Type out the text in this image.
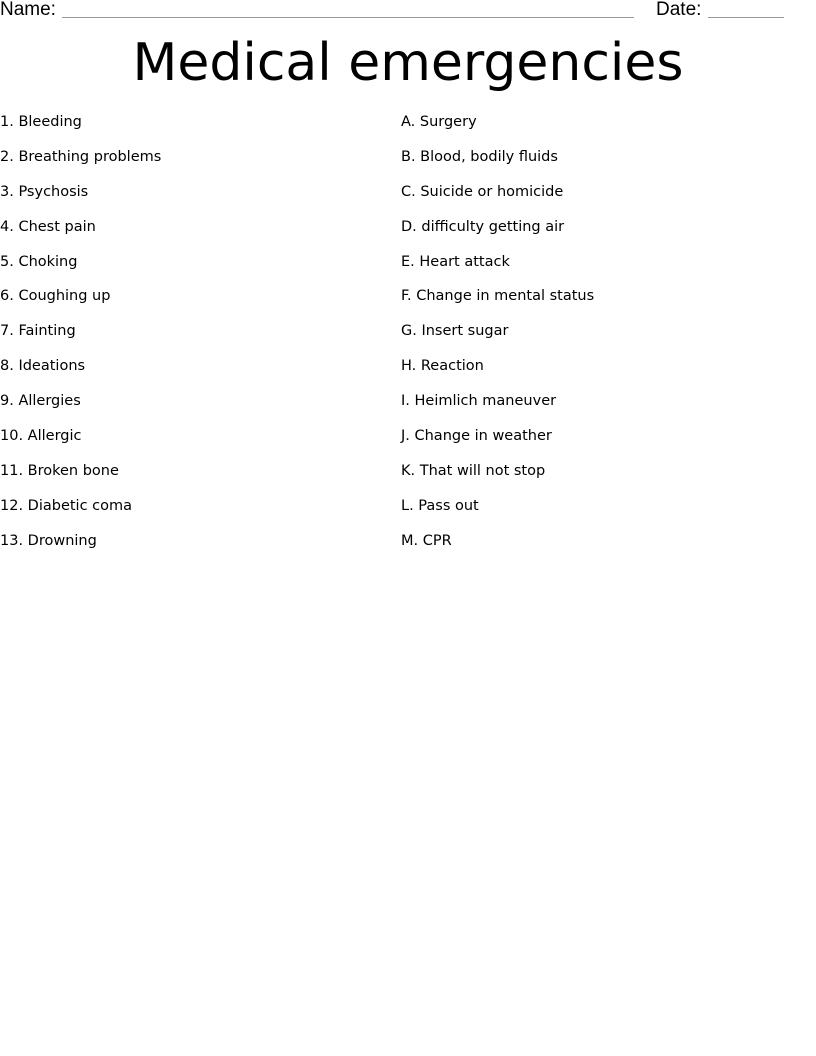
Name:	Date:
Medical emergencies
1. Bleeding
2. Breathing problems
3. Psychosis
4. Chest pain
5. Choking
6. Coughing up
7. Fainting
8. Ideations
9. Allergies
10. Allergic
11. Broken bone
12. Diabetic coma
13. Drowning
A. Surgery
B. Blood, bodily fluids
C. Suicide or homicide
D. difficulty getting air
E. Heart attack
F. Change in mental status
G. Insert sugar
H. Reaction
I. Heimlich maneuver
J. Change in weather
K. That will not stop
L. Pass out
M. CPR
